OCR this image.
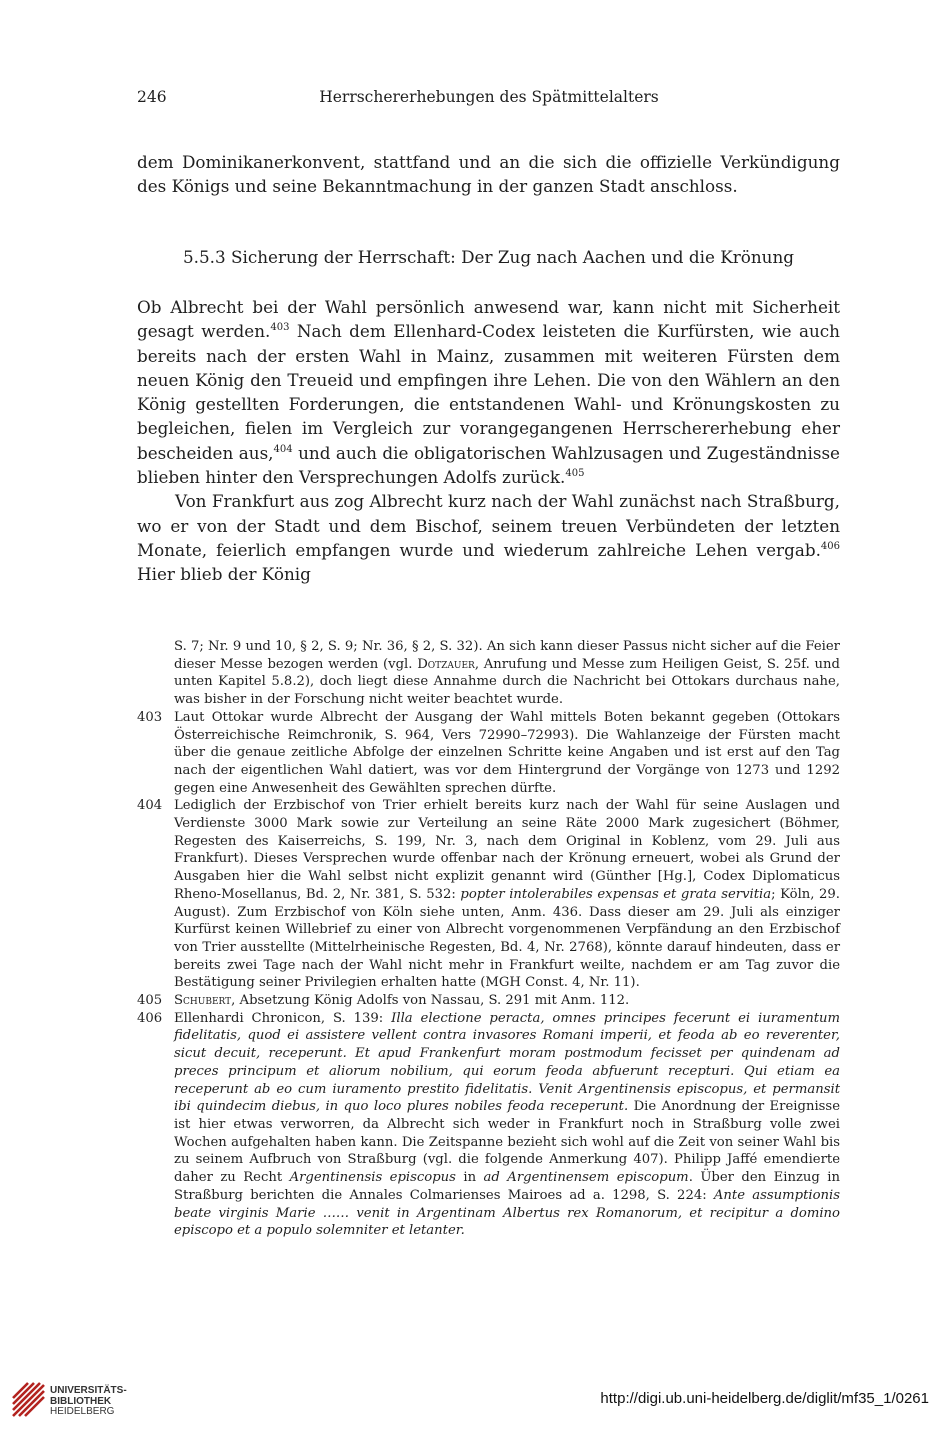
246	Herrschererhebungen des Spätmittelalters

dem Dominikanerkonvent, stattfand und an die sich die offizielle Verkündigung des Königs und seine Bekanntmachung in der ganzen Stadt anschloss.

5.5.3 Sicherung der Herrschaft: Der Zug nach Aachen und die Krönung

Ob Albrecht bei der Wahl persönlich anwesend war, kann nicht mit Sicherheit gesagt werden.$^{403}$ Nach dem Ellenhard-Codex leisteten die Kurfürsten, wie auch bereits nach der ersten Wahl in Mainz, zusammen mit weiteren Fürsten dem neuen König den Treueid und empfingen ihre Lehen. Die von den Wählern an den König gestellten Forderungen, die entstandenen Wahl- und Krönungskosten zu begleichen, fielen im Vergleich zur vorangegangenen Herrschererhebung eher bescheiden aus,$^{404}$ und auch die obligatorischen Wahlzusagen und Zugeständnisse blieben hinter den Versprechungen Adolfs zurück.$^{405}$

Von Frankfurt aus zog Albrecht kurz nach der Wahl zunächst nach Straßburg, wo er von der Stadt und dem Bischof, seinem treuen Verbündeten der letzten Monate, feierlich empfangen wurde und wiederum zahlreiche Lehen vergab.$^{406}$ Hier blieb der König

S. 7; Nr. 9 und 10, § 2, S. 9; Nr. 36, § 2, S. 32). An sich kann dieser Passus nicht sicher auf die Feier dieser Messe bezogen werden (vgl. Dotzauer, Anrufung und Messe zum Heiligen Geist, S. 25f. und unten Kapitel 5.8.2), doch liegt diese Annahme durch die Nachricht bei Ottokars durchaus nahe, was bisher in der Forschung nicht weiter beachtet wurde.

403 Laut Ottokar wurde Albrecht der Ausgang der Wahl mittels Boten bekannt gegeben (Ottokars Österreichische Reimchronik, S. 964, Vers 72990–72993). Die Wahlanzeige der Fürsten macht über die genaue zeitliche Abfolge der einzelnen Schritte keine Angaben und ist erst auf den Tag nach der eigentlichen Wahl datiert, was vor dem Hintergrund der Vorgänge von 1273 und 1292 gegen eine Anwesenheit des Gewählten sprechen dürfte.

404 Lediglich der Erzbischof von Trier erhielt bereits kurz nach der Wahl für seine Auslagen und Verdienste 3000 Mark sowie zur Verteilung an seine Räte 2000 Mark zugesichert (Böhmer, Regesten des Kaiserreichs, S. 199, Nr. 3, nach dem Original in Koblenz, vom 29. Juli aus Frankfurt). Dieses Versprechen wurde offenbar nach der Krönung erneuert, wobei als Grund der Ausgaben hier die Wahl selbst nicht explizit genannt wird (Günther [Hg.], Codex Diplomaticus Rheno-Mosellanus, Bd. 2, Nr. 381, S. 532: popter intolerabiles expensas et grata servitia; Köln, 29. August). Zum Erzbischof von Köln siehe unten, Anm. 436. Dass dieser am 29. Juli als einziger Kurfürst keinen Willebrief zu einer von Albrecht vorgenommenen Verpfändung an den Erzbischof von Trier ausstellte (Mittelrheinische Regesten, Bd. 4, Nr. 2768), könnte darauf hindeuten, dass er bereits zwei Tage nach der Wahl nicht mehr in Frankfurt weilte, nachdem er am Tag zuvor die Bestätigung seiner Privilegien erhalten hatte (MGH Const. 4, Nr. 11).

405 Schubert, Absetzung König Adolfs von Nassau, S. 291 mit Anm. 112.

406 Ellenhardi Chronicon, S. 139: Illa electione peracta, omnes principes fecerunt ei iuramentum fidelitatis, quod ei assistere vellent contra invasores Romani imperii, et feoda ab eo reverenter, sicut decuit, receperunt. Et apud Frankenfurt moram postmodum fecisset per quindenam ad preces principum et aliorum nobilium, qui eorum feoda abfuerunt recepturi. Qui etiam ea receperunt ab eo cum iuramento prestito fidelitatis. Venit Argentinensis episcopus, et permansit ibi quindecim diebus, in quo loco plures nobiles feoda receperunt. Die Anordnung der Ereignisse ist hier etwas verworren, da Albrecht sich weder in Frankfurt noch in Straßburg volle zwei Wochen aufgehalten haben kann. Die Zeitspanne bezieht sich wohl auf die Zeit von seiner Wahl bis zu seinem Aufbruch von Straßburg (vgl. die folgende Anmerkung 407). Philipp Jaffé emendierte daher zu Recht Argentinensis episcopus in ad Argentinensem episcopum. Über den Einzug in Straßburg berichten die Annales Colmarienses Mairoes ad a. 1298, S. 224: Ante assumptionis beate virginis Marie …… venit in Argentinam Albertus rex Romanorum, et recipitur a domino episcopo et a populo solemniter et letanter.

UNIVERSITÄTS-
BIBLIOTHEK
HEIDELBERG
http://digi.ub.uni-heidelberg.de/diglit/mf35_1/0261
